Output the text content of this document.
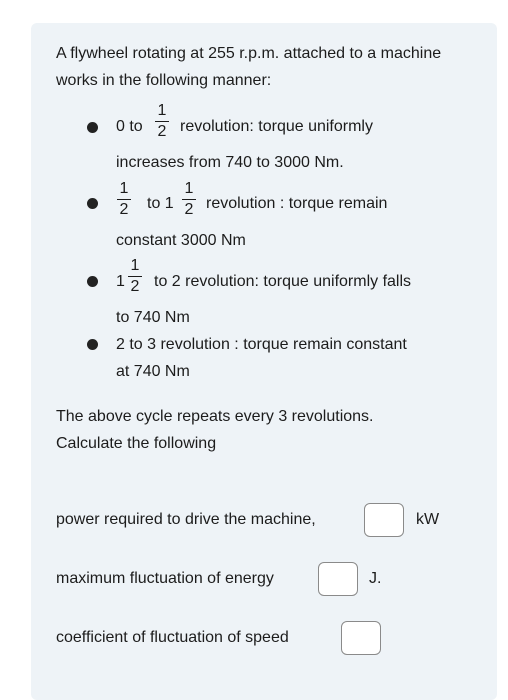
A flywheel rotating at 255 r.p.m. attached to a machine works in the following manner:
0 to
1
2 revolution: torque uniformly
increases from 740 to 3000 Nm.
1
2 to 1
1
2 revolution : torque remain
constant 3000 Nm
1
1
2 to 2 revolution: torque uniformly falls
to 740 Nm
2 to 3 revolution : torque remain constant
at 740 Nm
The above cycle repeats every 3 revolutions. Calculate the following
power required to drive the machine,	kW
maximum fluctuation of energy	J.
coefficient of fluctuation of speed
